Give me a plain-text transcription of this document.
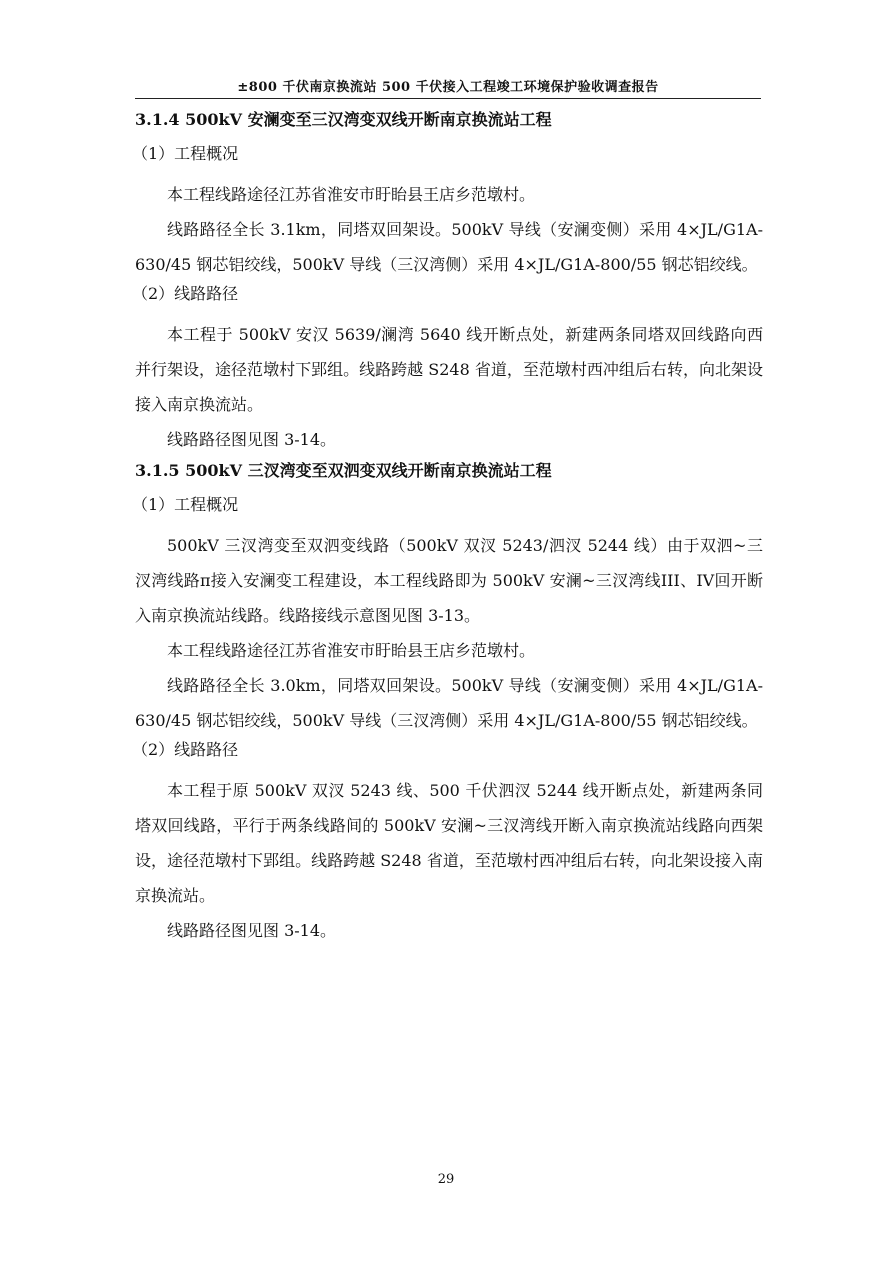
±800 千伏南京换流站 500 千伏接入工程竣工环境保护验收调查报告
3.1.4 500kV 安澜变至三汉湾变双线开断南京换流站工程
（1）工程概况

本工程线路途径江苏省淮安市盱眙县王店乡范墩村。

线路路径全长 3.1km，同塔双回架设。500kV 导线（安澜变侧）采用 4×JL/G1A-630/45 钢芯铝绞线，500kV 导线（三汉湾侧）采用 4×JL/G1A-800/55 钢芯铝绞线。

（2）线路路径

本工程于 500kV 安汉 5639/澜湾 5640 线开断点处，新建两条同塔双回线路向西并行架设，途径范墩村下郢组。线路跨越 S248 省道，至范墩村西冲组后右转，向北架设接入南京换流站。

线路路径图见图 3-14。

3.1.5 500kV 三汊湾变至双泗变双线开断南京换流站工程
（1）工程概况

500kV 三汊湾变至双泗变线路（500kV 双汊 5243/泗汊 5244 线）由于双泗~三汊湾线路π接入安澜变工程建设，本工程线路即为 500kV 安澜~三汊湾线III、IV回开断入南京换流站线路。线路接线示意图见图 3-13。

本工程线路途径江苏省淮安市盱眙县王店乡范墩村。

线路路径全长 3.0km，同塔双回架设。500kV 导线（安澜变侧）采用 4×JL/G1A-630/45 钢芯铝绞线，500kV 导线（三汊湾侧）采用 4×JL/G1A-800/55 钢芯铝绞线。

（2）线路路径

本工程于原 500kV 双汊 5243 线、500 千伏泗汊 5244 线开断点处，新建两条同塔双回线路，平行于两条线路间的 500kV 安澜~三汊湾线开断入南京换流站线路向西架设，途径范墩村下郢组。线路跨越 S248 省道，至范墩村西冲组后右转，向北架设接入南京换流站。

线路路径图见图 3-14。

29
